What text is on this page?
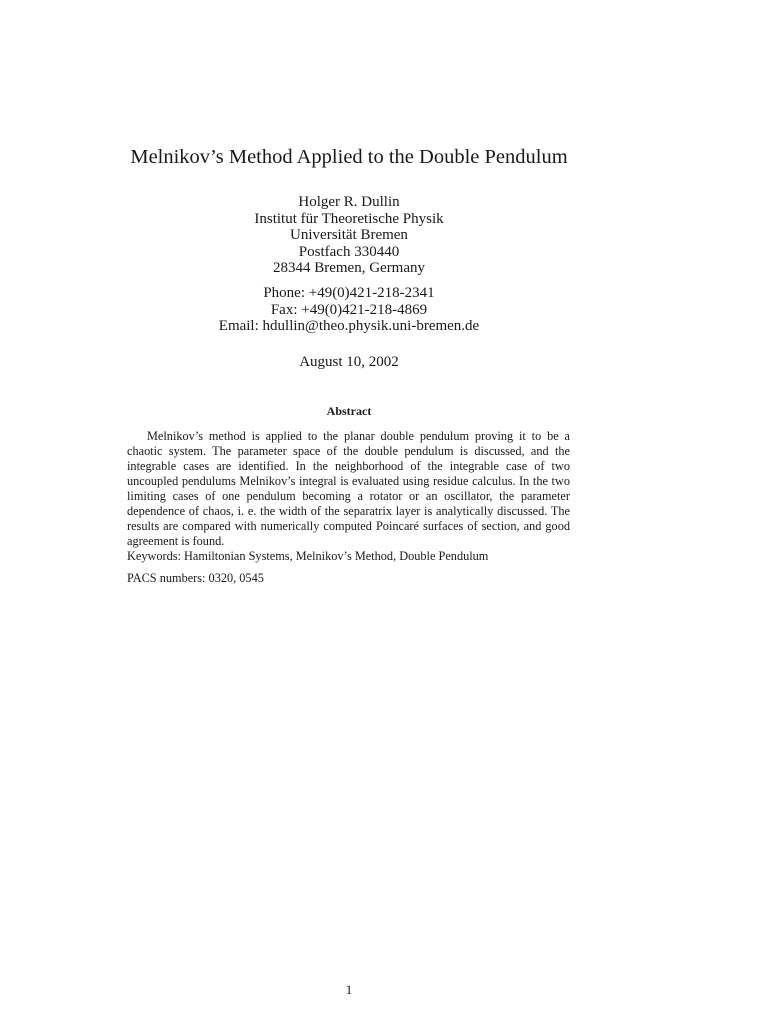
Melnikov’s Method Applied to the Double Pendulum
Holger R. Dullin
Institut für Theoretische Physik
Universität Bremen
Postfach 330440
28344 Bremen, Germany
Phone: +49(0)421-218-2341
Fax: +49(0)421-218-4869
Email: hdullin@theo.physik.uni-bremen.de
August 10, 2002
Abstract
Melnikov’s method is applied to the planar double pendulum proving it to be a chaotic system. The parameter space of the double pendulum is discussed, and the integrable cases are identified. In the neighborhood of the integrable case of two uncoupled pendulums Melnikov’s integral is evaluated using residue calculus. In the two limiting cases of one pendulum becoming a rotator or an oscillator, the parameter dependence of chaos, i. e. the width of the separatrix layer is analytically discussed. The results are compared with numerically computed Poincaré surfaces of section, and good agreement is found.
Keywords: Hamiltonian Systems, Melnikov’s Method, Double Pendulum
PACS numbers: 0320, 0545
1
